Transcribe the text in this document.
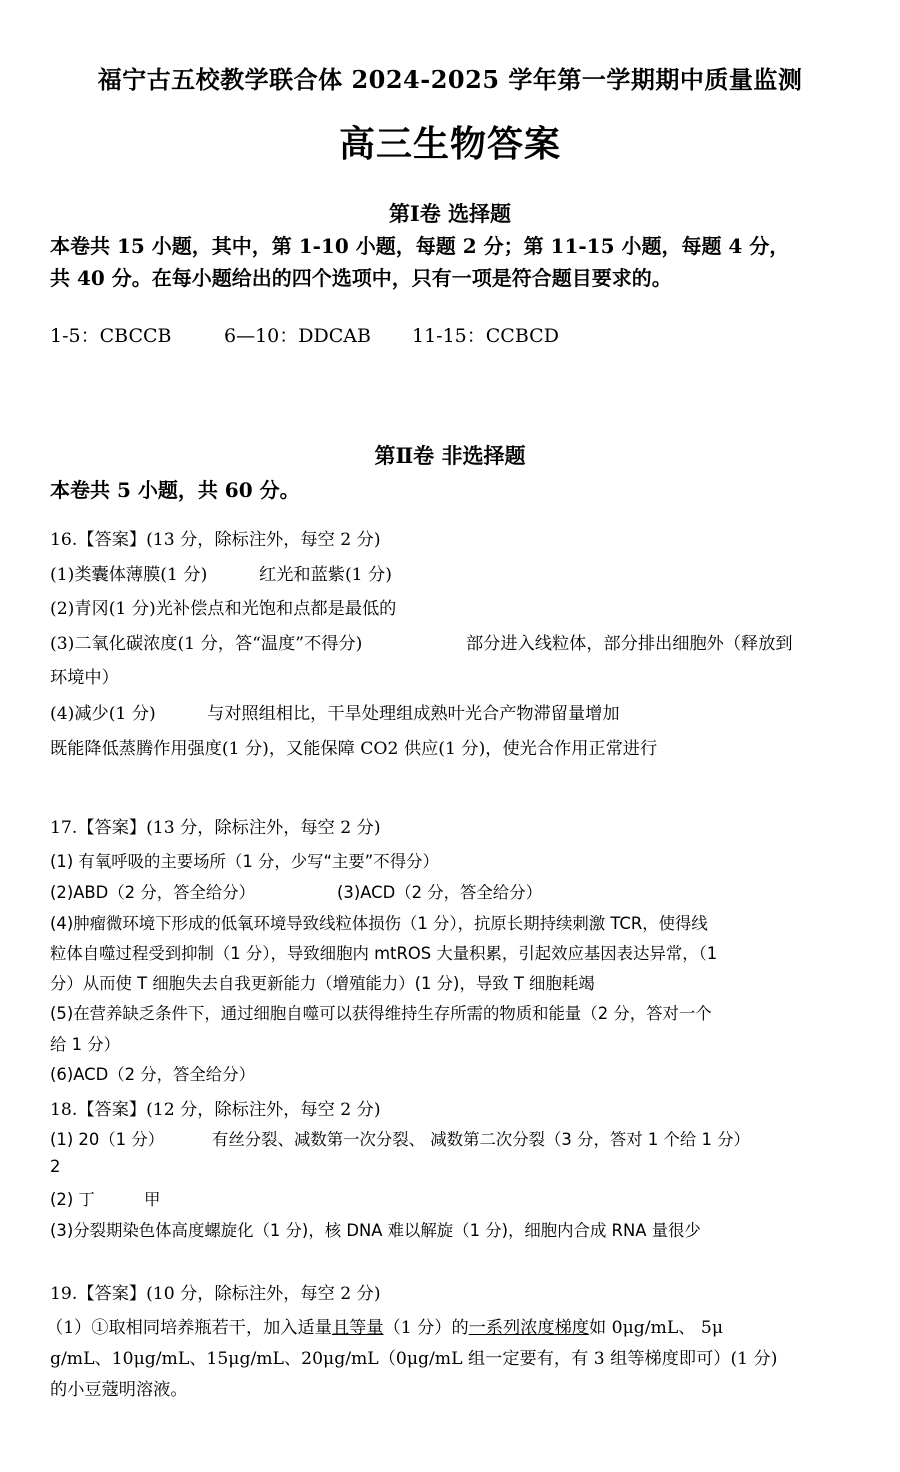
福宁古五校教学联合体 2024-2025 学年第一学期期中质量监测
高三生物答案
第Ⅰ卷 选择题
本卷共 15 小题，其中，第 1-10 小题，每题 2 分；第 11-15 小题，每题 4 分，
共 40 分。在每小题给出的四个选项中，只有一项是符合题目要求的。
1-5：CBCCB	6—10：DDCAB 11-15：CCBCD
第Ⅱ卷 非选择题
本卷共 5 小题，共 60 分。
16.【答案】(13 分，除标注外，每空 2 分)
(1)类囊体薄膜(1 分)	红光和蓝紫(1 分)
(2)青冈(1 分)光补偿点和光饱和点都是最低的
(3)二氧化碳浓度(1 分，答“温度”不得分)	部分进入线粒体，部分排出细胞外（释放到
环境中）
(4)减少(1 分)	与对照组相比，干旱处理组成熟叶光合产物滞留量增加
既能降低蒸腾作用强度(1 分)，又能保障 CO2 供应(1 分)，使光合作用正常进行
17.【答案】(13 分，除标注外，每空 2 分)
(1) 有氧呼吸的主要场所（1 分，少写“主要”不得分）
(2)ABD（2 分，答全给分）	(3)ACD（2 分，答全给分）
(4)肿瘤微环境下形成的低氧环境导致线粒体损伤（1 分），抗原长期持续刺激 TCR，使得线
粒体自噬过程受到抑制（1 分），导致细胞内 mtROS 大量积累，引起效应基因表达异常，（1
分）从而使 T 细胞失去自我更新能力（增殖能力）(1 分)，导致 T 细胞耗竭
(5)在营养缺乏条件下，通过细胞自噬可以获得维持生存所需的物质和能量（2 分，答对一个
给 1 分）
(6)ACD（2 分，答全给分）
18.【答案】(12 分，除标注外，每空 2 分)
(1) 20（1 分）	有丝分裂、减数第一次分裂、 减数第二次分裂（3 分，答对 1 个给 1 分）
2
(2) 丁	甲
(3)分裂期染色体高度螺旋化（1 分)，核 DNA 难以解旋（1 分)，细胞内合成 RNA 量很少
19.【答案】(10 分，除标注外，每空 2 分)
（1）①取相同培养瓶若干，加入适量且等量（1 分）的一系列浓度梯度如 0μg/mL、 5μ
g/mL、10μg/mL、15μg/mL、20μg/mL（0μg/mL 组一定要有，有 3 组等梯度即可）(1 分)
的小豆蔻明溶液。
